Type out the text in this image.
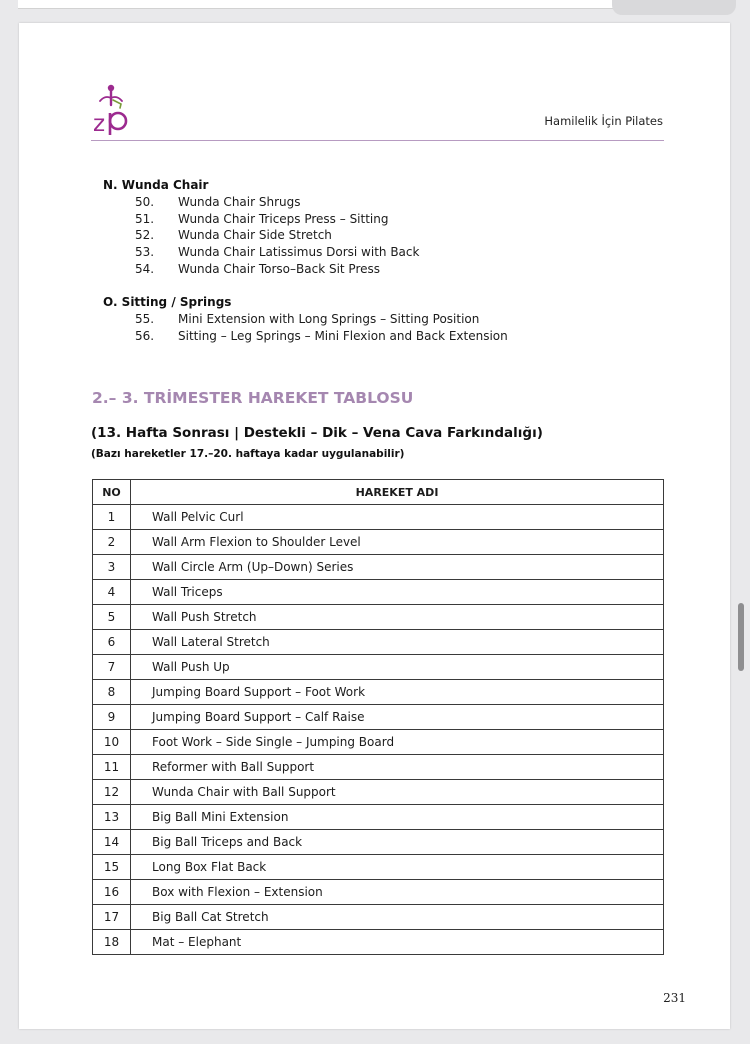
z	Hamilelik İçin Pilates
N. Wunda Chair
50. Wunda Chair Shrugs
51. Wunda Chair Triceps Press – Sitting
52. Wunda Chair Side Stretch
53. Wunda Chair Latissimus Dorsi with Back
54. Wunda Chair Torso–Back Sit Press
O. Sitting / Springs
55. Mini Extension with Long Springs – Sitting Position
56. Sitting – Leg Springs – Mini Flexion and Back Extension
2.– 3. TRİMESTER HAREKET TABLOSU
(13. Hafta Sonrası | Destekli – Dik – Vena Cava Farkındalığı)
(Bazı hareketler 17.–20. haftaya kadar uygulanabilir)
NO	HAREKET ADI
1	Wall Pelvic Curl
2	Wall Arm Flexion to Shoulder Level
3	Wall Circle Arm (Up–Down) Series
4	Wall Triceps
5	Wall Push Stretch
6	Wall Lateral Stretch
7	Wall Push Up
8	Jumping Board Support – Foot Work
9	Jumping Board Support – Calf Raise
10	Foot Work – Side Single – Jumping Board
11	Reformer with Ball Support
12	Wunda Chair with Ball Support
13	Big Ball Mini Extension
14	Big Ball Triceps and Back
15	Long Box Flat Back
16	Box with Flexion – Extension
17	Big Ball Cat Stretch
18	Mat – Elephant
231
